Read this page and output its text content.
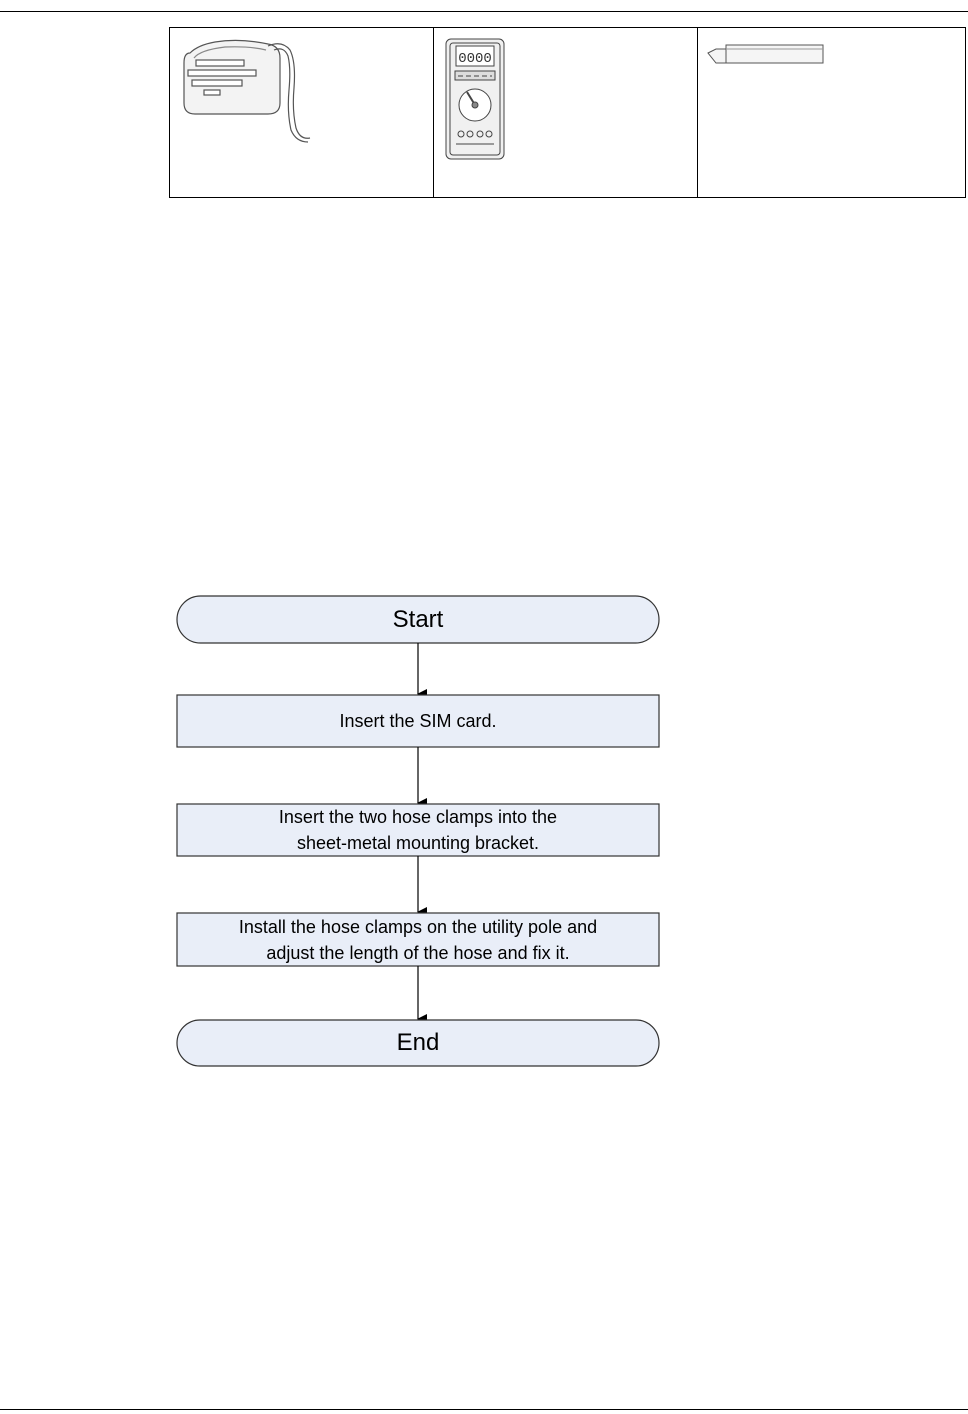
0000

Start
Insert the SIM card.
Insert the two hose clamps into the
sheet-metal mounting bracket.
Install the hose clamps on the utility pole and
adjust the length of the hose and fix it.
End
